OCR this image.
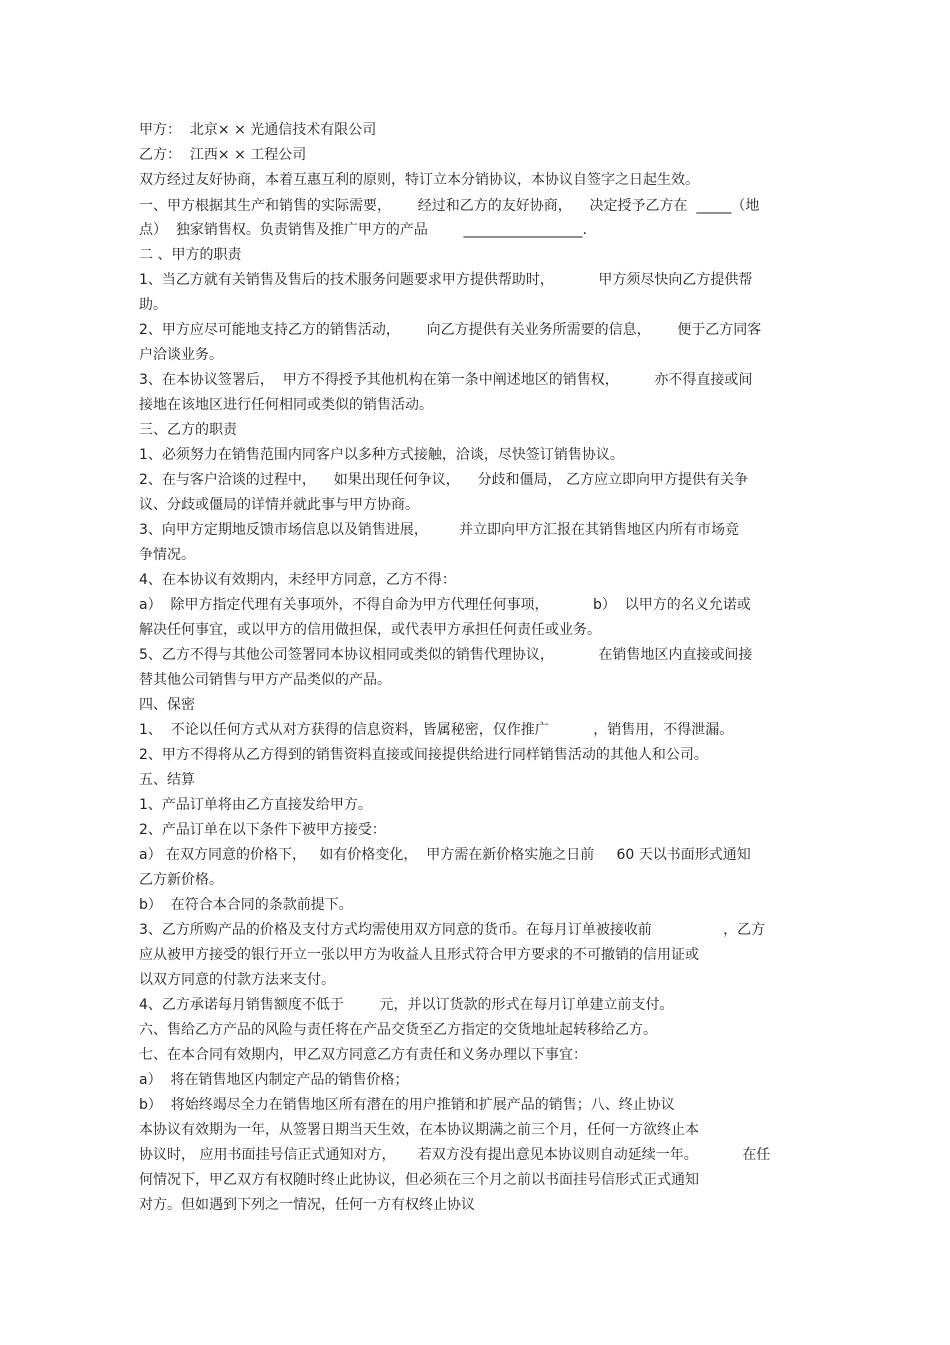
甲方：  北京× × 光通信技术有限公司
乙方：  江西× × 工程公司
双方经过友好协商，本着互惠互利的原则，特订立本分销协议，本协议自签字之日起生效。
一、甲方根据其生产和销售的实际需要，      经过和乙方的友好协商，    决定授予乙方在  _____（地
点）  独家销售权。负责销售及推广甲方的产品        _________________.
二 、甲方的职责
1、当乙方就有关销售及售后的技术服务问题要求甲方提供帮助时，          甲方须尽快向乙方提供帮
助。
2、甲方应尽可能地支持乙方的销售活动，      向乙方提供有关业务所需要的信息，      便于乙方同客
户洽谈业务。
3、在本协议签署后，  甲方不得授予其他机构在第一条中阐述地区的销售权，        亦不得直接或间
接地在该地区进行任何相同或类似的销售活动。
三、乙方的职责
1、必须努力在销售范围内同客户以多种方式接触，洽谈，尽快签订销售协议。
2、在与客户洽谈的过程中，    如果出现任何争议，    分歧和僵局， 乙方应立即向甲方提供有关争
议、分歧或僵局的详情并就此事与甲方协商。
3、向甲方定期地反馈市场信息以及销售进展，       并立即向甲方汇报在其销售地区内所有市场竞
争情况。
4、在本协议有效期内，未经甲方同意，乙方不得：
a）  除甲方指定代理有关事项外，不得自命为甲方代理任何事项，          b）  以甲方的名义允诺或
解决任何事宜，或以甲方的信用做担保，或代表甲方承担任何责任或业务。
5、乙方不得与其他公司签署同本协议相同或类似的销售代理协议，          在销售地区内直接或间接
替其他公司销售与甲方产品类似的产品。
四、保密
1、  不论以任何方式从对方获得的信息资料，皆属秘密，仅作推广          ，销售用，不得泄漏。
2、甲方不得将从乙方得到的销售资料直接或间接提供给进行同样销售活动的其他人和公司。
五、结算
1、产品订单将由乙方直接发给甲方。
2、产品订单在以下条件下被甲方接受：
a） 在双方同意的价格下，   如有价格变化，  甲方需在新价格实施之日前     60 天以书面形式通知
乙方新价格。
b）  在符合本合同的条款前提下。
3、乙方所购产品的价格及支付方式均需使用双方同意的货币。在每月订单被接收前                ，乙方
应从被甲方接受的银行开立一张以甲方为收益人且形式符合甲方要求的不可撤销的信用证或
以双方同意的付款方法来支付。
4、乙方承诺每月销售额度不低于        元，并以订货款的形式在每月订单建立前支付。
六、售给乙方产品的风险与责任将在产品交货至乙方指定的交货地址起转移给乙方。
七、在本合同有效期内，甲乙双方同意乙方有责任和义务办理以下事宜：
a）  将在销售地区内制定产品的销售价格；
b）  将始终竭尽全力在销售地区所有潜在的用户推销和扩展产品的销售；八、终止协议
本协议有效期为一年，从签署日期当天生效，在本协议期满之前三个月，任何一方欲终止本
协议时， 应用书面挂号信正式通知对方，     若双方没有提出意见本协议则自动延续一年。          在任
何情况下，甲乙双方有权随时终止此协议，但必须在三个月之前以书面挂号信形式正式通知
对方。但如遇到下列之一情况，任何一方有权终止协议
